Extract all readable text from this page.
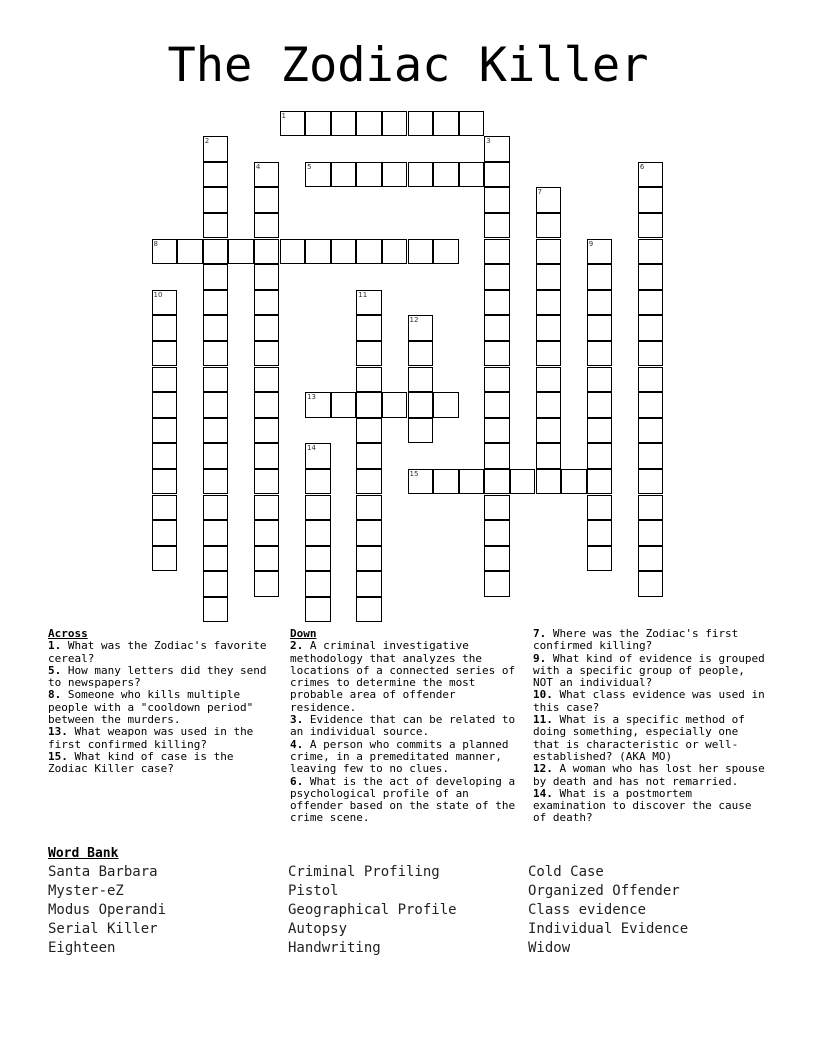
The Zodiac Killer
1
2	3
4	5	6
7
8	9
10	11
12
13
14
15
Across
1. What was the Zodiac's favorite cereal?
5. How many letters did they send to newspapers?
8. Someone who kills multiple people with a "cooldown period" between the murders.
13. What weapon was used in the first confirmed killing?
15. What kind of case is the Zodiac Killer case?
Down
2. A criminal investigative methodology that analyzes the locations of a connected series of crimes to determine the most probable area of offender residence.
3. Evidence that can be related to an individual source.
4. A person who commits a planned crime, in a premeditated manner, leaving few to no clues.
6. What is the act of developing a psychological profile of an offender based on the state of the crime scene.
7. Where was the Zodiac's first confirmed killing?
9. What kind of evidence is grouped with a specific group of people, NOT an individual?
10. What class evidence was used in this case?
11. What is a specific method of doing something, especially one that is characteristic or well-established? (AKA MO)
12. A woman who has lost her spouse by death and has not remarried.
14. What is a postmortem examination to discover the cause of death?
Word Bank
Santa Barbara	Criminal Profiling	Cold Case
Myster-eZ	Pistol	Organized Offender
Modus Operandi	Geographical Profile	Class evidence
Serial Killer	Autopsy	Individual Evidence
Eighteen	Handwriting	Widow
